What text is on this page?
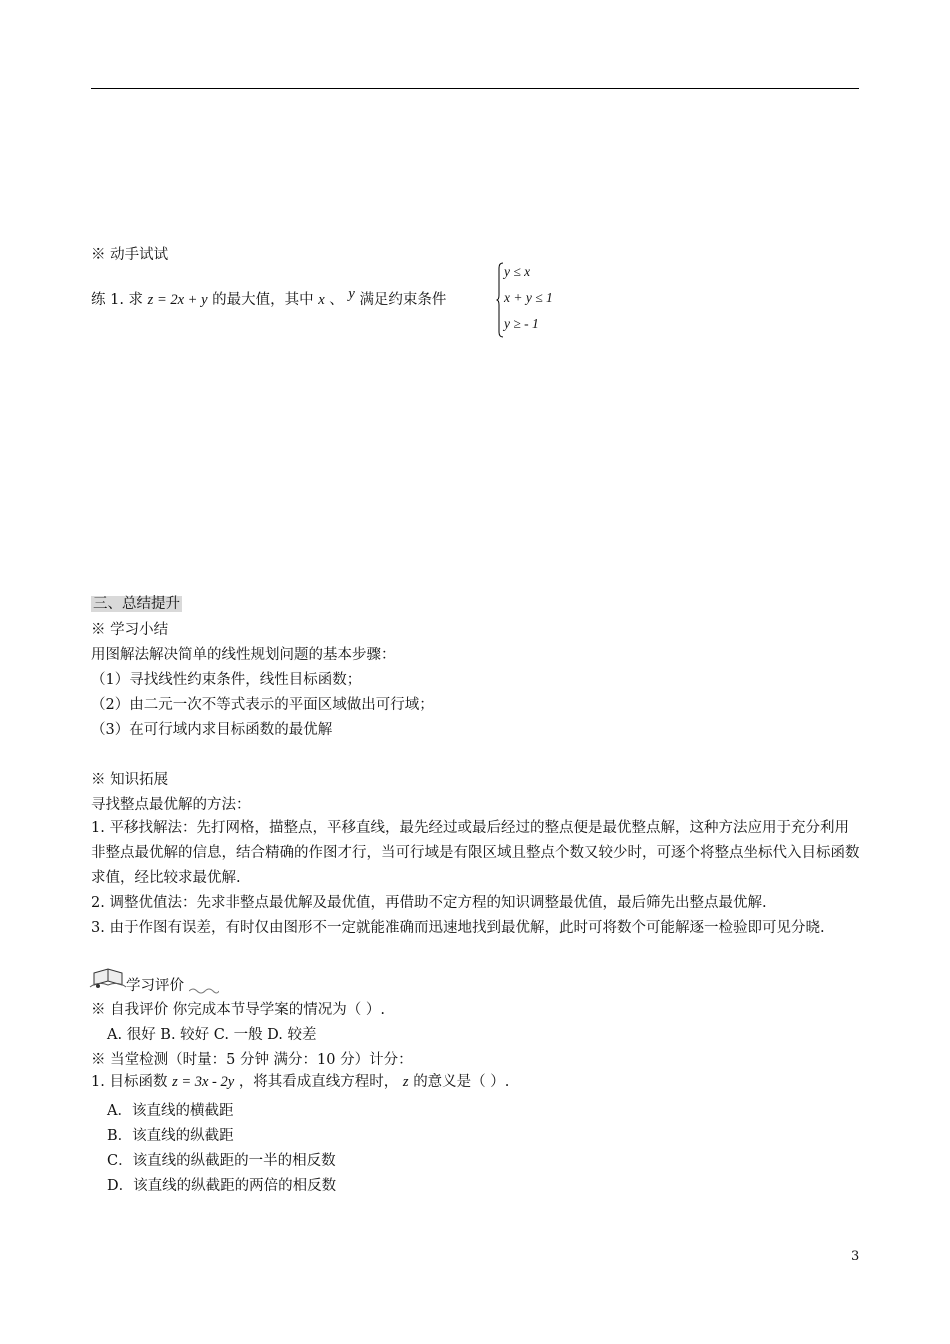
※ 动手试试
练 1. 求 z = 2x + y 的最大值，其中 x 、 y 满足约束条件
y ≤ x
x + y ≤ 1
y ≥ - 1
三、总结提升
※ 学习小结
用图解法解决简单的线性规划问题的基本步骤：
（1）寻找线性约束条件，线性目标函数；
（2）由二元一次不等式表示的平面区域做出可行域；
（3）在可行域内求目标函数的最优解
※ 知识拓展
寻找整点最优解的方法：
1. 平移找解法：先打网格，描整点，平移直线，最先经过或最后经过的整点便是最优整点解，这种方法应用于充分利用非整点最优解的信息，结合精确的作图才行，当可行域是有限区域且整点个数又较少时，可逐个将整点坐标代入目标函数求值，经比较求最优解.
2. 调整优值法：先求非整点最优解及最优值，再借助不定方程的知识调整最优值，最后筛先出整点最优解.
3. 由于作图有误差，有时仅由图形不一定就能准确而迅速地找到最优解，此时可将数个可能解逐一检验即可见分晓.
学习评价
※ 自我评价 你完成本节导学案的情况为（ ）.
A. 很好 B. 较好 C. 一般 D. 较差
※ 当堂检测（时量：5 分钟 满分：10 分）计分：
1. 目标函数 z = 3x - 2y ，将其看成直线方程时， z 的意义是（ ）.
A．该直线的横截距
B．该直线的纵截距
C．该直线的纵截距的一半的相反数
D．该直线的纵截距的两倍的相反数
3
